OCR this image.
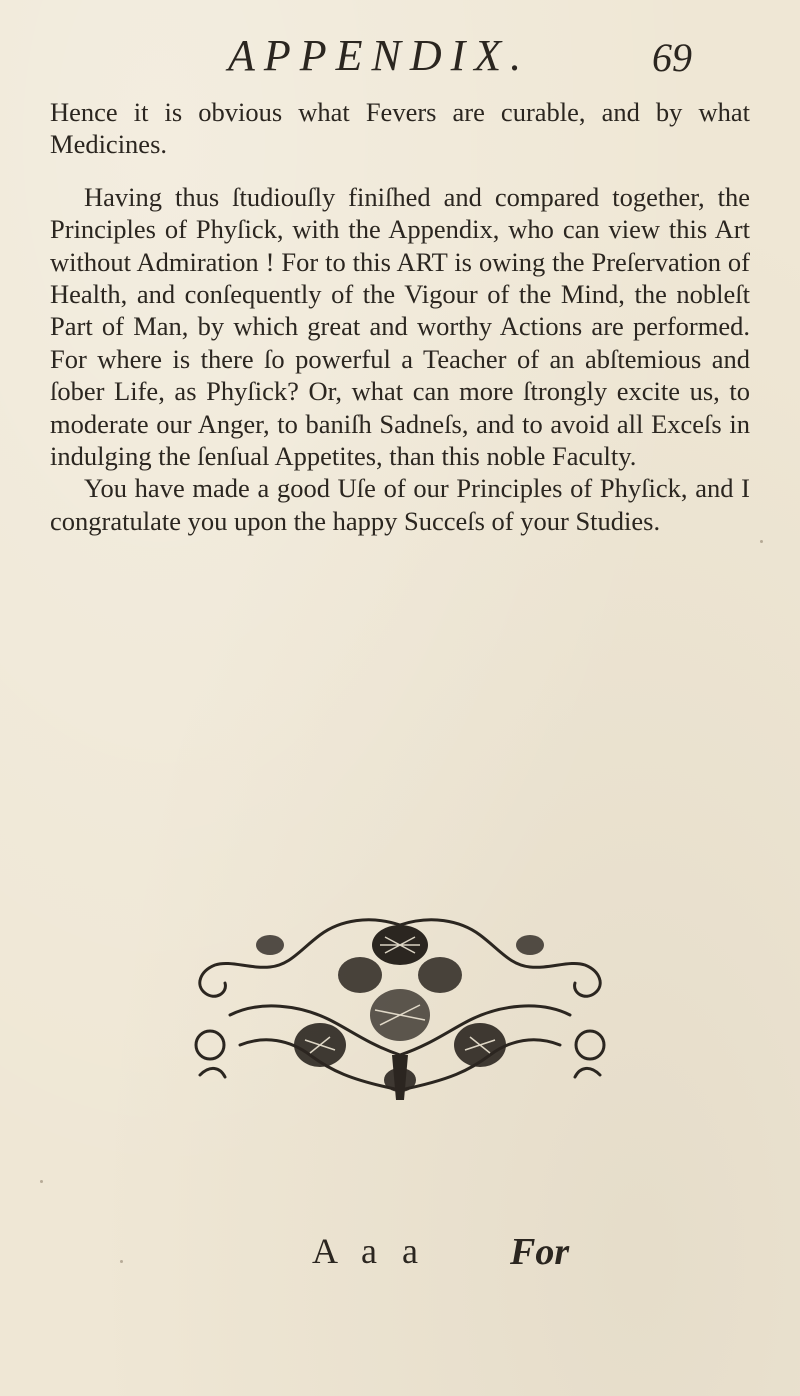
APPENDIX.	69

Hence it is obvious what Fevers are curable, and by what Medicines.

Having thus ſtudiouſly finiſhed and compared together, the Principles of Phyſick, with the Appendix, who can view this Art without Admiration ! For to this ART is owing the Preſervation of Health, and conſequently of the Vigour of the Mind, the nobleſt Part of Man, by which great and worthy Actions are performed. For where is there ſo powerful a Teacher of an abſtemious and ſober Life, as Phyſick? Or, what can more ſtrongly excite us, to moderate our Anger, to baniſh Sadneſs, and to avoid all Exceſs in indulging the ſenſual Appetites, than this noble Faculty.

You have made a good Uſe of our Principles of Phyſick, and I congratulate you upon the happy Succeſs of your Studies.

A a a For
